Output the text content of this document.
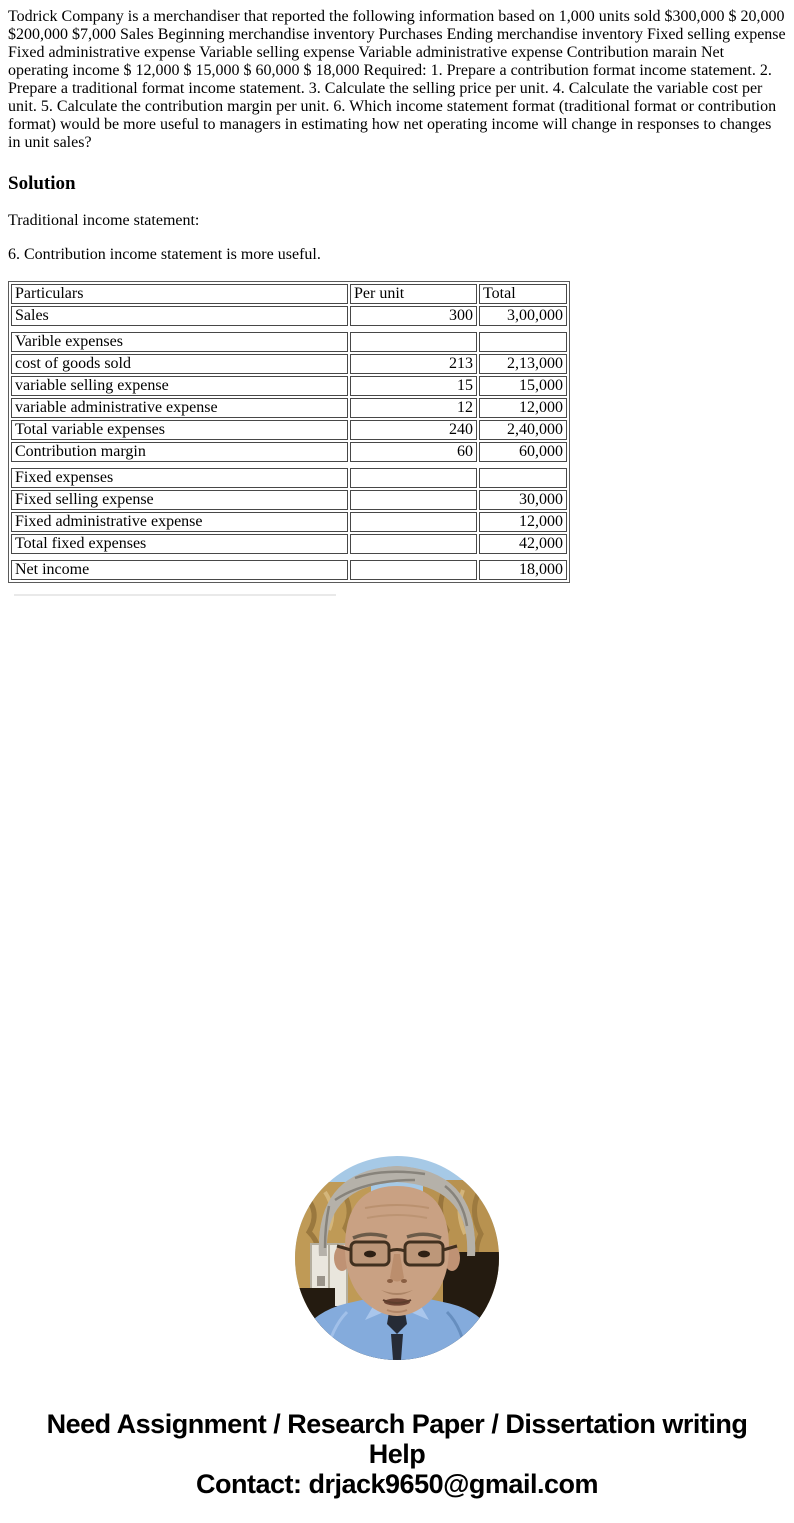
Todrick Company is a merchandiser that reported the following information based on 1,000 units sold $300,000 $ 20,000 $200,000 $7,000 Sales Beginning merchandise inventory Purchases Ending merchandise inventory Fixed selling expense Fixed administrative expense Variable selling expense Variable administrative expense Contribution marain Net operating income $ 12,000 $ 15,000 $ 60,000 $ 18,000 Required: 1. Prepare a contribution format income statement. 2. Prepare a traditional format income statement. 3. Calculate the selling price per unit. 4. Calculate the variable cost per unit. 5. Calculate the contribution margin per unit. 6. Which income statement format (traditional format or contribution format) would be more useful to managers in estimating how net operating income will change in responses to changes in unit sales?

Solution

Traditional income statement:

6. Contribution income statement is more useful.

Particulars	Per unit	Total
Sales	300	3,00,000
Varible expenses		
cost of goods sold	213	2,13,000
variable selling expense	15	15,000
variable administrative expense	12	12,000
Total variable expenses	240	2,40,000
Contribution margin	60	60,000
Fixed expenses		
Fixed selling expense		30,000
Fixed administrative expense		12,000
Total fixed expenses		42,000
Net income		18,000
Need Assignment / Research Paper / Dissertation writing Help
Contact: drjack9650@gmail.com
